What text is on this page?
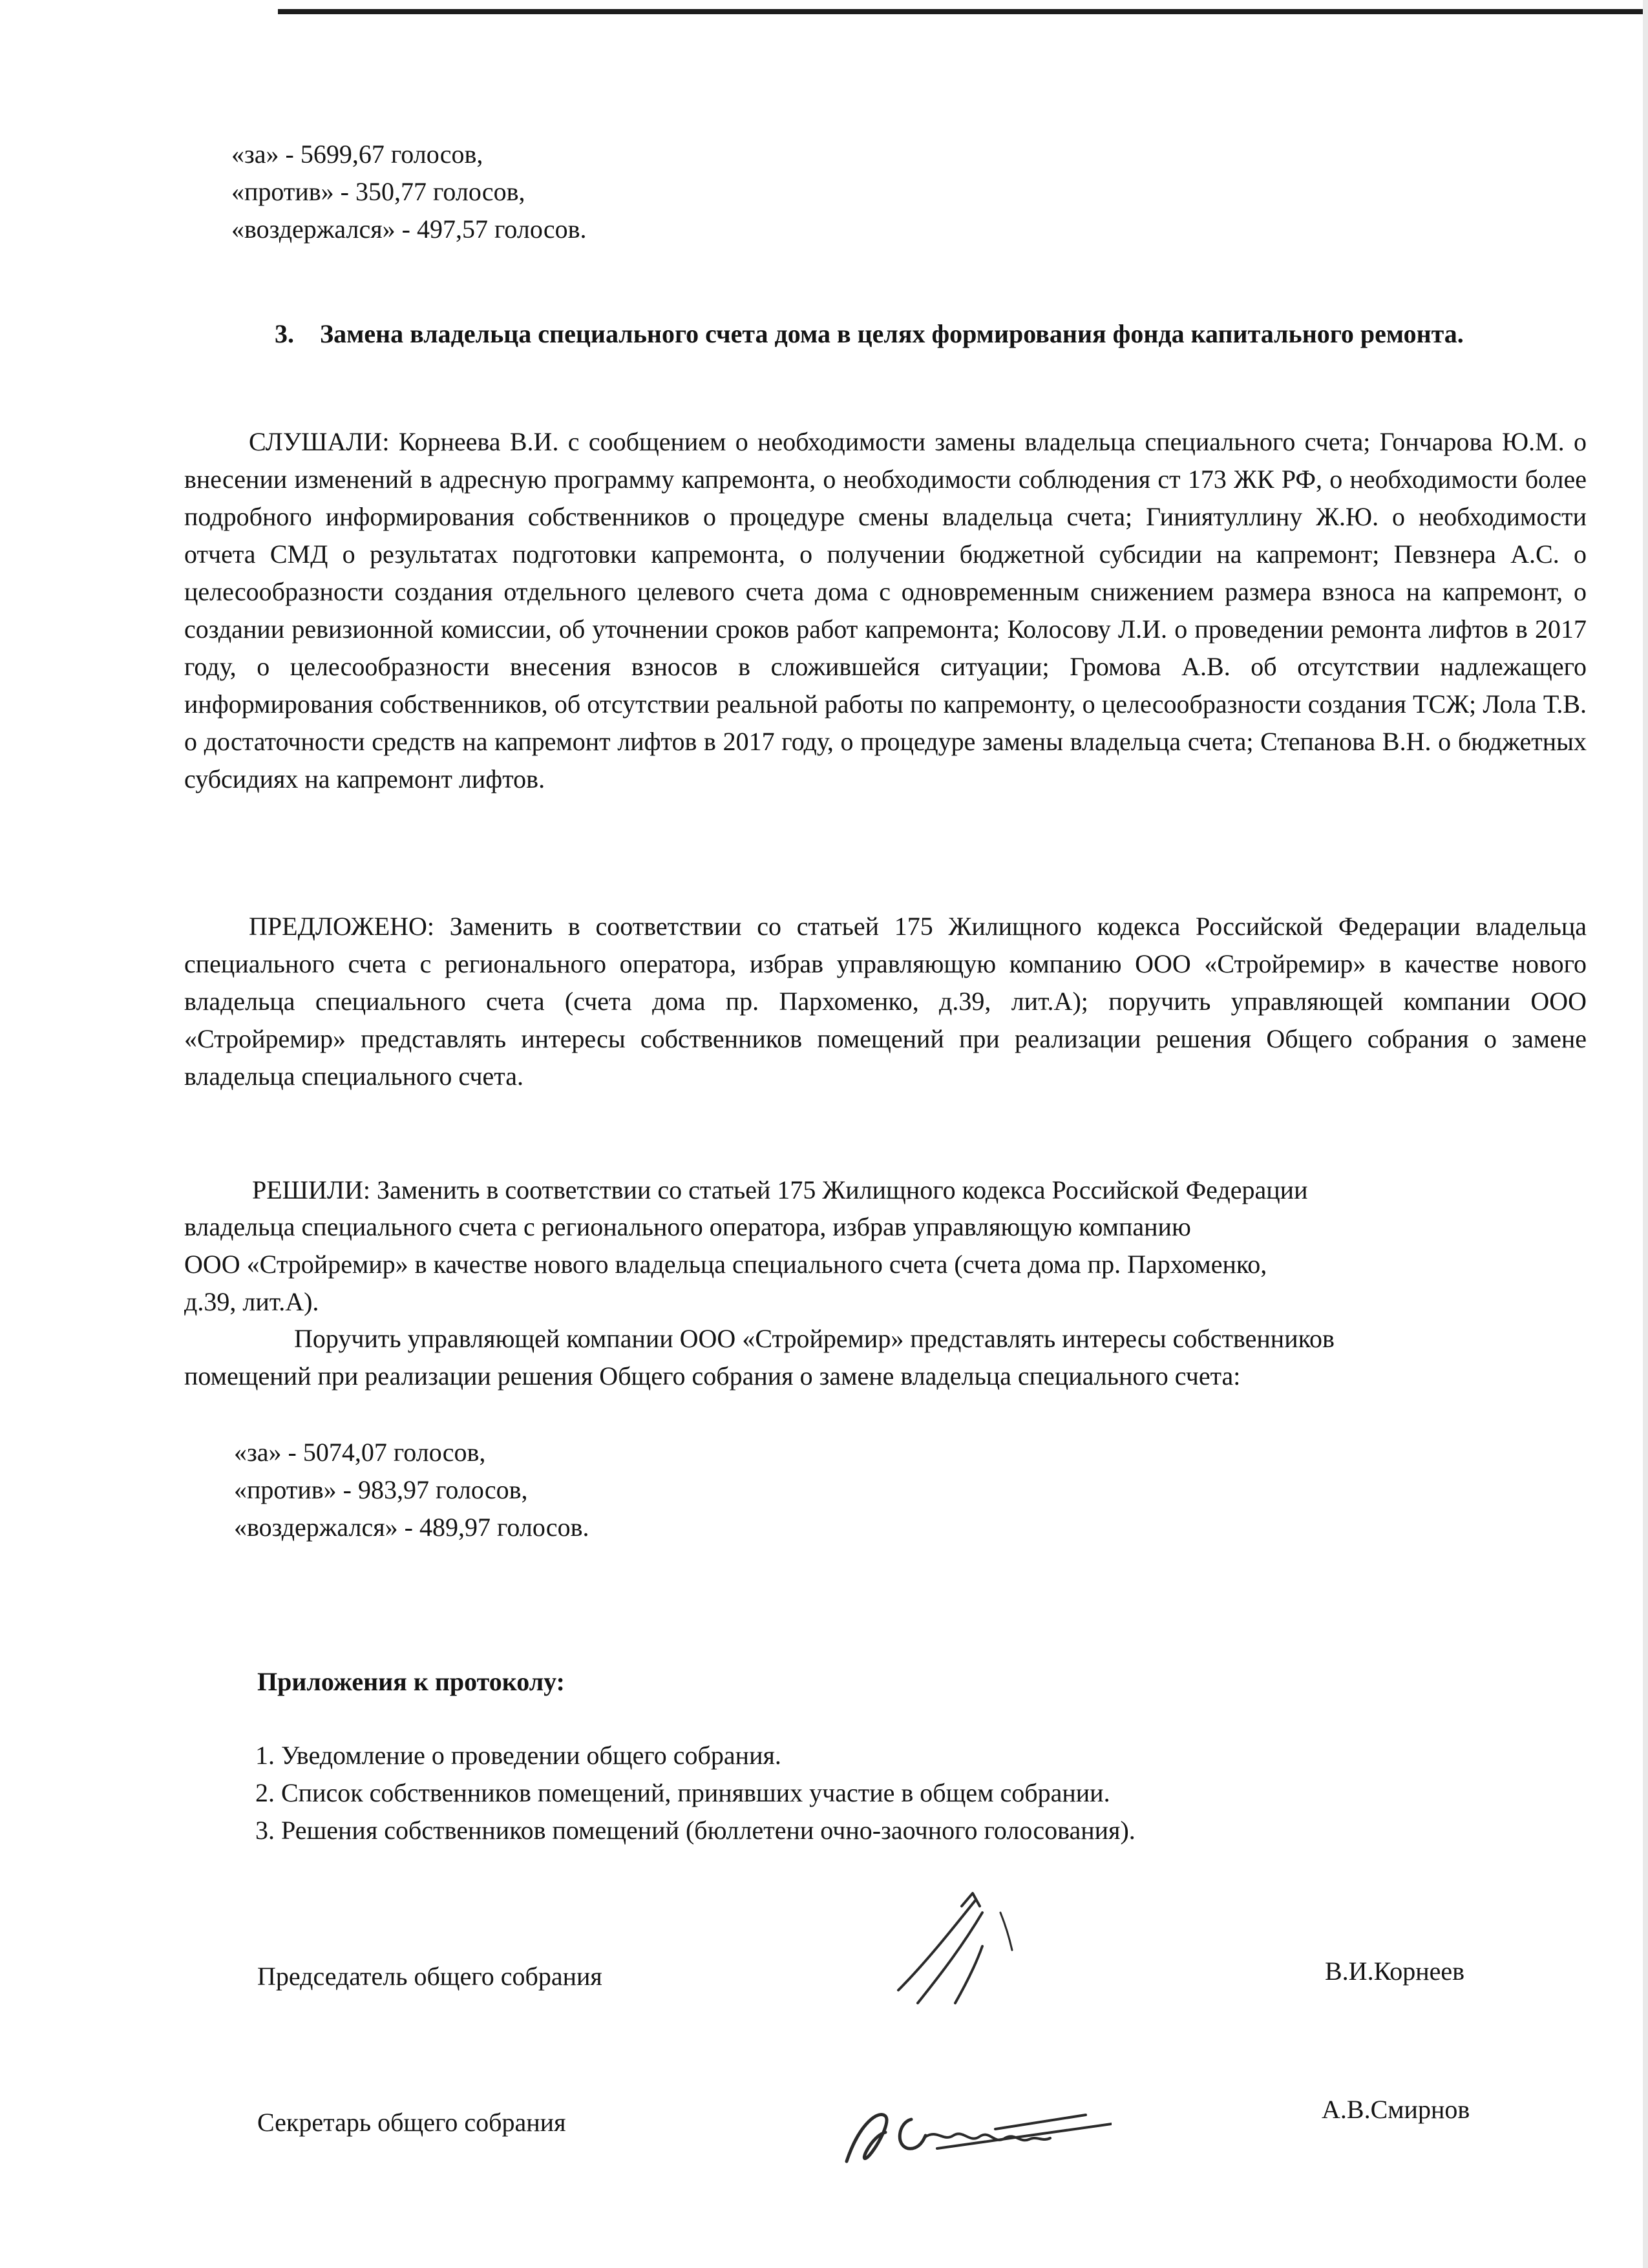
«за» - 5699,67 голосов,

«против» - 350,77 голосов,

«воздержался» - 497,57 голосов.

3. Замена владельца специального счета дома в целях формирования фонда капитального ремонта.

СЛУШАЛИ: Корнеева В.И. с сообщением о необходимости замены владельца специального счета; Гончарова Ю.М. о внесении изменений в адресную программу капремонта, о необходимости соблюдения ст 173 ЖК РФ, о необходимости более подробного информирования собственников о процедуре смены владельца счета; Гиниятуллину Ж.Ю. о необходимости отчета СМД о результатах подготовки капремонта, о получении бюджетной субсидии на капремонт; Певзнера А.С. о целесообразности создания отдельного целевого счета дома с одновременным снижением размера взноса на капремонт, о создании ревизионной комиссии, об уточнении сроков работ капремонта; Колосову Л.И. о проведении ремонта лифтов в 2017 году, о целесообразности внесения взносов в сложившейся ситуации; Громова А.В. об отсутствии надлежащего информирования собственников, об отсутствии реальной работы по капремонту, о целесообразности создания ТСЖ; Лола Т.В. о достаточности средств на капремонт лифтов в 2017 году, о процедуре замены владельца счета; Степанова В.Н. о бюджетных субсидиях на капремонт лифтов.

ПРЕДЛОЖЕНО: Заменить в соответствии со статьей 175 Жилищного кодекса Российской Федерации владельца специального счета с регионального оператора, избрав управляющую компанию ООО «Стройремир» в качестве нового владельца специального счета (счета дома пр. Пархоменко, д.39, лит.А); поручить управляющей компании ООО «Стройремир» представлять интересы собственников помещений при реализации решения Общего собрания о замене владельца специального счета.

РЕШИЛИ: Заменить в соответствии со статьей 175 Жилищного кодекса Российской Федерации
владельца специального счета с регионального оператора, избрав управляющую компанию
ООО «Стройремир» в качестве нового владельца специального счета (счета дома пр. Пархоменко,
д.39, лит.А).
Поручить управляющей компании ООО «Стройремир» представлять интересы собственников
помещений при реализации решения Общего собрания о замене владельца специального счета:

«за» - 5074,07 голосов,

«против» - 983,97 голосов,

«воздержался» - 489,97 голосов.

Приложения к протоколу:

1. Уведомление о проведении общего собрания.

2. Список собственников помещений, принявших участие в общем собрании.

3. Решения собственников помещений (бюллетени очно-заочного голосования).

Председатель общего собрания	В.И.Корнеев
Секретарь общего собрания	А.В.Смирнов
